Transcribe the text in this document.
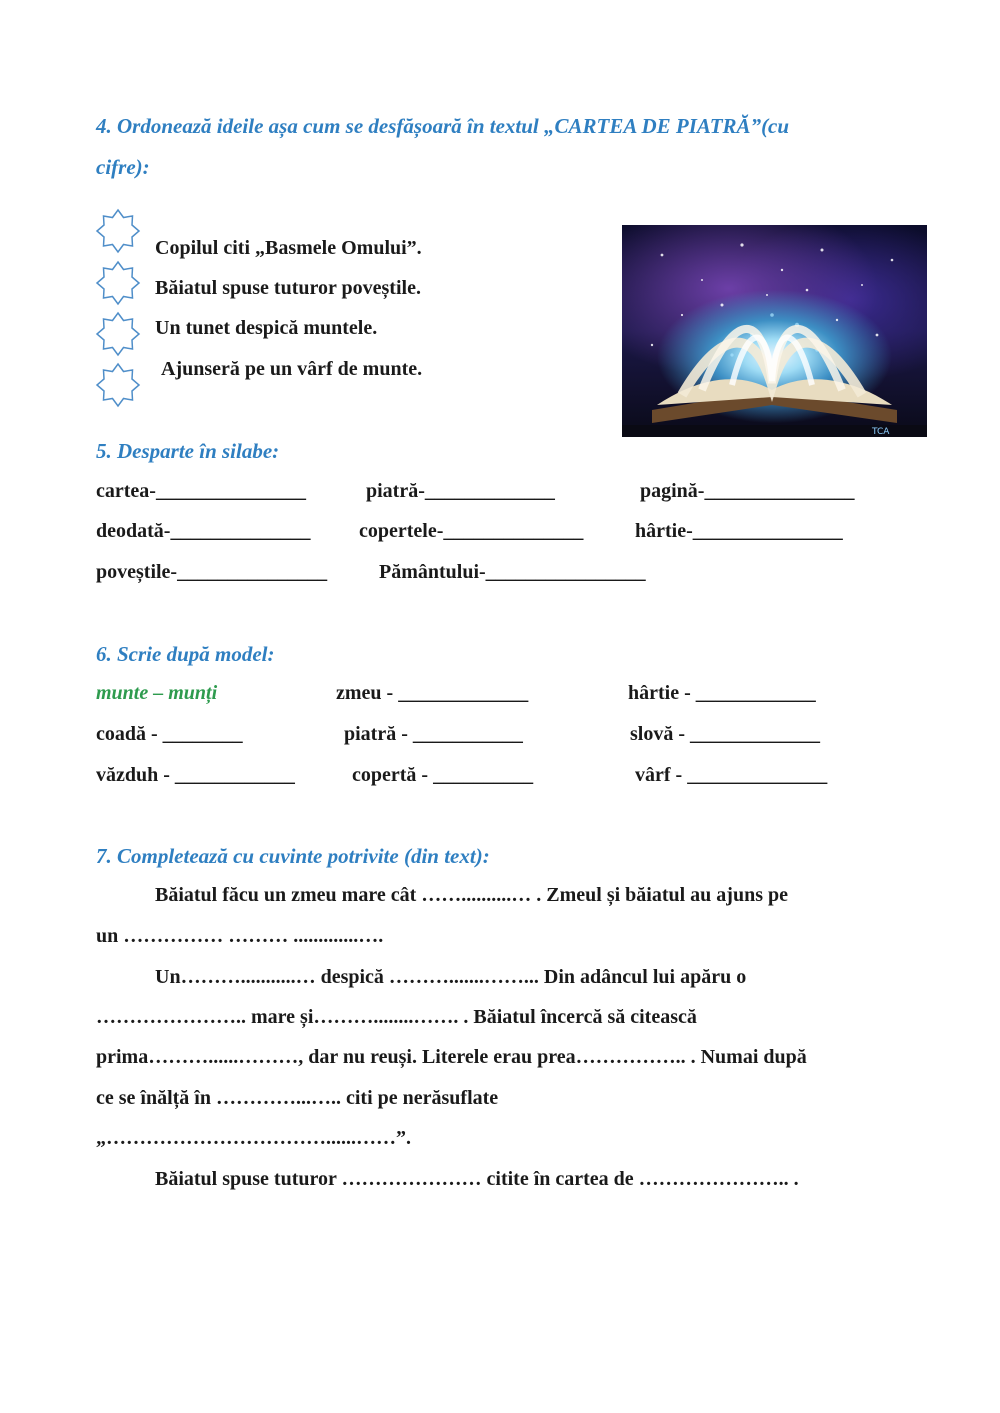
4. Ordonează ideile așa cum se desfășoară în textul „CARTEA DE PIATRĂ”(cu
cifre):
Copilul citi „Basmele Omului”.
Băiatul spuse tuturor poveștile.
Un tunet despică muntele.
Ajunseră pe un vârf de munte.
TCA
5. Desparte în silabe:
cartea-_______________	piatră-_____________	pagină-_______________
deodată-______________ copertele-______________	hârtie-_______________
poveștile-_______________	Pământului-________________
6. Scrie după model:
munte – munți	zmeu - _____________	hârtie - ____________
coadă - ________	piatră - ___________	slovă - _____________
văzduh - ____________	copertă - __________	vârf - ______________
7. Completează cu cuvinte potrivite (din text):
Băiatul făcu un zmeu mare cât ……..........… . Zmeul și băiatul au ajuns pe
un …………… ……… .............….
Un………...........… despică ……….......……... Din adâncul lui apăru o
………………….. mare și………........……. . Băiatul încercă să citească
prima………......………, dar nu reuși. Literele erau prea…………….. . Numai după
ce se înălță în …………...….. citi pe nerăsuflate
„……………………………......……”.
Băiatul spuse tuturor ………………… citite în cartea de ………………….. .
